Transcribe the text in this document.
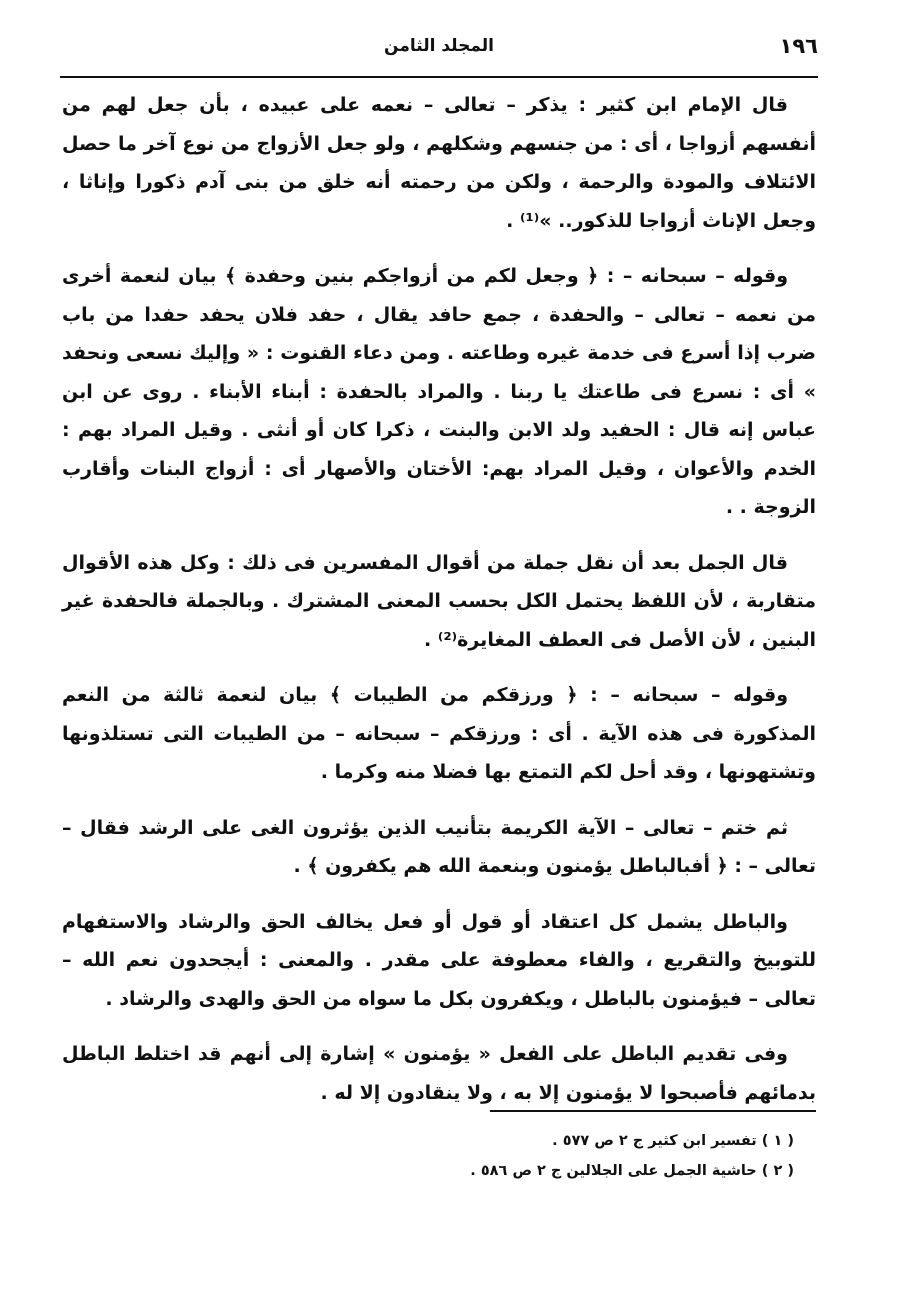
١٩٦
المجلد الثامن

قال الإمام ابن كثير : يذكر – تعالى – نعمه على عبيده ، بأن جعل لهم من أنفسهم أزواجا ، أى : من جنسهم وشكلهم ، ولو جعل الأزواج من نوع آخر ما حصل الائتلاف والمودة والرحمة ، ولكن من رحمته أنه خلق من بنى آدم ذكورا وإناثا ، وجعل الإناث أزواجا للذكور.. »⁽¹⁾ .

وقوله – سبحانه – : ﴿ وجعل لكم من أزواجكم بنين وحفدة ﴾ بيان لنعمة أخرى من نعمه – تعالى – والحفدة ، جمع حافد يقال ، حفد فلان يحفد حفدا من باب ضرب إذا أسرع فى خدمة غيره وطاعته . ومن دعاء القنوت : « وإليك نسعى ونحفد » أى : نسرع فى طاعتك يا ربنا . والمراد بالحفدة : أبناء الأبناء . روى عن ابن عباس إنه قال : الحفيد ولد الابن والبنت ، ذكرا كان أو أنثى . وقيل المراد بهم : الخدم والأعوان ، وقيل المراد بهم: الأختان والأصهار أى : أزواج البنات وأقارب الزوجة . .

قال الجمل بعد أن نقل جملة من أقوال المفسرين فى ذلك : وكل هذه الأقوال متقاربة ، لأن اللفظ يحتمل الكل بحسب المعنى المشترك . وبالجملة فالحفدة غير البنين ، لأن الأصل فى العطف المغايرة⁽²⁾ .

وقوله – سبحانه – : ﴿ ورزقكم من الطيبات ﴾ بيان لنعمة ثالثة من النعم المذكورة فى هذه الآية . أى : ورزقكم – سبحانه – من الطيبات التى تستلذونها وتشتهونها ، وقد أحل لكم التمتع بها فضلا منه وكرما .

ثم ختم – تعالى – الآية الكريمة بتأنيب الذين يؤثرون الغى على الرشد فقال – تعالى – : ﴿ أفبالباطل يؤمنون وبنعمة الله هم يكفرون ﴾ .

والباطل يشمل كل اعتقاد أو قول أو فعل يخالف الحق والرشاد والاستفهام للتوبيخ والتقريع ، والفاء معطوفة على مقدر . والمعنى : أيجحدون نعم الله – تعالى – فيؤمنون بالباطل ، ويكفرون بكل ما سواه من الحق والهدى والرشاد .

وفى تقديم الباطل على الفعل « يؤمنون » إشارة إلى أنهم قد اختلط الباطل بدمائهم فأصبحوا لا يؤمنون إلا به ، ولا ينقادون إلا له .

( ١ ) تفسير ابن كثير ج ٢ ص ٥٧٧ .

( ٢ ) حاشية الجمل على الجلالين ج ٢ ص ٥٨٦ .
